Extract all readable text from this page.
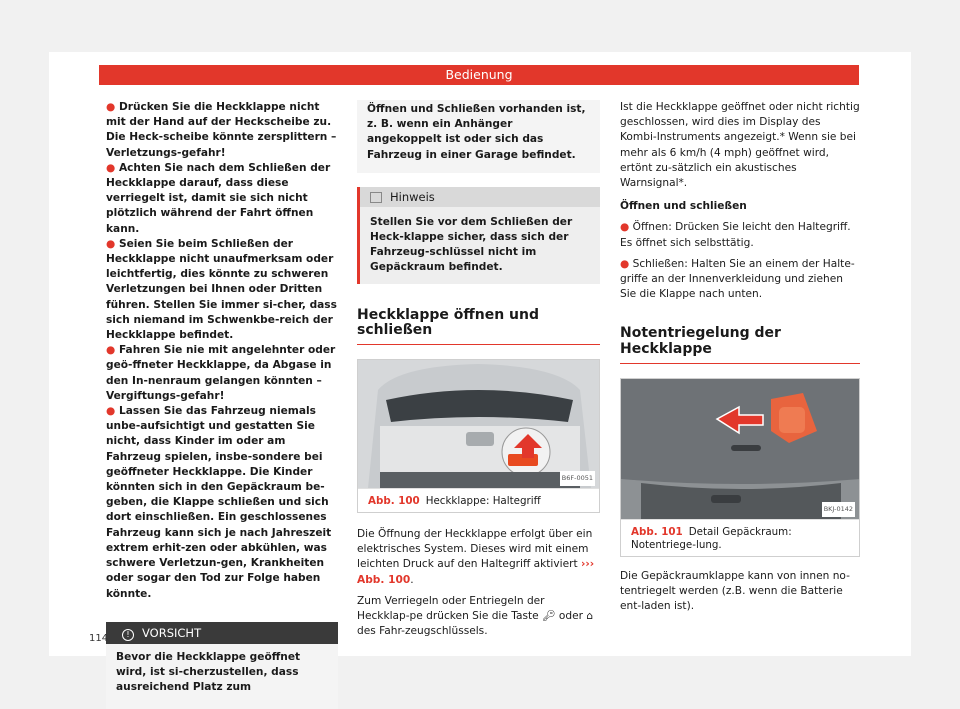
Bedienung

● Drücken Sie die Heckklappe nicht mit der Hand auf der Heckscheibe zu. Die Heck-scheibe könnte zersplittern – Verletzungs-gefahr!

● Achten Sie nach dem Schließen der Heckklappe darauf, dass diese verriegelt ist, damit sie sich nicht plötzlich während der Fahrt öffnen kann.

● Seien Sie beim Schließen der Heckklappe nicht unaufmerksam oder leichtfertig, dies könnte zu schweren Verletzungen bei Ihnen oder Dritten führen. Stellen Sie immer si-cher, dass sich niemand im Schwenkbe-reich der Heckklappe befindet.

● Fahren Sie nie mit angelehnter oder geö-ffneter Heckklappe, da Abgase in den In-nenraum gelangen könnten – Vergiftungs-gefahr!

● Lassen Sie das Fahrzeug niemals unbe-aufsichtigt und gestatten Sie nicht, dass Kinder im oder am Fahrzeug spielen, insbe-sondere bei geöffneter Heckklappe. Die Kinder könnten sich in den Gepäckraum be-geben, die Klappe schließen und sich dort einschließen. Ein geschlossenes Fahrzeug kann sich je nach Jahreszeit extrem erhit-zen oder abkühlen, was schwere Verletzun-gen, Krankheiten oder sogar den Tod zur Folge haben könnte.

! VORSICHT
Bevor die Heckklappe geöffnet wird, ist si-cherzustellen, dass ausreichend Platz zum
Öffnen und Schließen vorhanden ist, z. B. wenn ein Anhänger angekoppelt ist oder sich das Fahrzeug in einer Garage befindet.
Hinweis
Stellen Sie vor dem Schließen der Heck-klappe sicher, dass sich der Fahrzeug-schlüssel nicht im Gepäckraum befindet.
Heckklappe öffnen und schließen
B6F-0051
Abb. 100 Heckklappe: Haltegriff

Die Öffnung der Heckklappe erfolgt über ein elektrisches System. Dieses wird mit einem leichten Druck auf den Haltegriff aktiviert ››› Abb. 100.

Zum Verriegeln oder Entriegeln der Heckklap-pe drücken Sie die Taste 🔑︎ oder ⌂ des Fahr-zeugschlüssels.

Ist die Heckklappe geöffnet oder nicht richtig geschlossen, wird dies im Display des Kombi-Instruments angezeigt.* Wenn sie bei mehr als 6 km/h (4 mph) geöffnet wird, ertönt zu-sätzlich ein akustisches Warnsignal*.

Öffnen und schließen

● Öffnen: Drücken Sie leicht den Haltegriff. Es öffnet sich selbsttätig.

● Schließen: Halten Sie an einem der Halte-griffe an der Innenverkleidung und ziehen Sie die Klappe nach unten.

Notentriegelung der Heckklappe
BKJ-0142
Abb. 101 Detail Gepäckraum: Notentriege-lung.

Die Gepäckraumklappe kann von innen no-tentriegelt werden (z.B. wenn die Batterie ent-laden ist).

114
